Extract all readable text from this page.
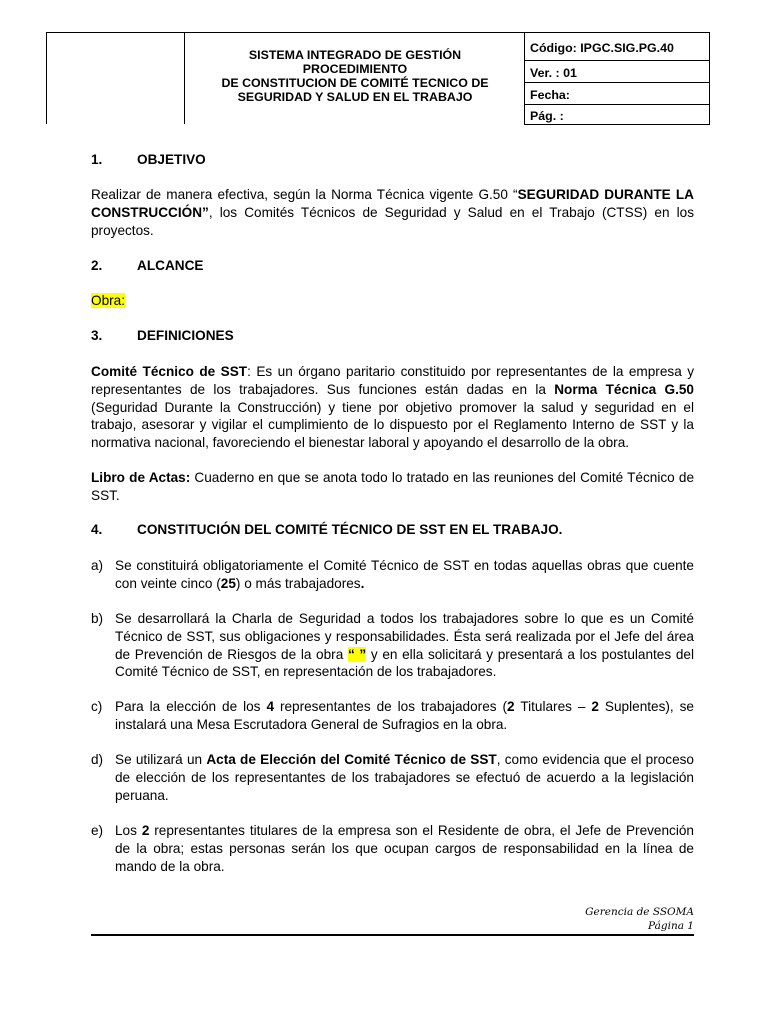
SISTEMA INTEGRADO DE GESTIÓN
PROCEDIMIENTO
DE CONSTITUCION DE COMITÉ TECNICO DE
SEGURIDAD Y SALUD EN EL TRABAJO
Código: IPGC.SIG.PG.40
Ver. : 01
Fecha:
Pág. :
1.	OBJETIVO
Realizar de manera efectiva, según la Norma Técnica vigente G.50 “SEGURIDAD DURANTE LA CONSTRUCCIÓN”, los Comités Técnicos de Seguridad y Salud en el Trabajo (CTSS) en los proyectos.
2.	ALCANCE
Obra:
3.	DEFINICIONES
Comité Técnico de SST: Es un órgano paritario constituido por representantes de la empresa y representantes de los trabajadores. Sus funciones están dadas en la Norma Técnica G.50 (Seguridad Durante la Construcción) y tiene por objetivo promover la salud y seguridad en el trabajo, asesorar y vigilar el cumplimiento de lo dispuesto por el Reglamento Interno de SST y la normativa nacional, favoreciendo el bienestar laboral y apoyando el desarrollo de la obra.
Libro de Actas: Cuaderno en que se anota todo lo tratado en las reuniones del Comité Técnico de SST.
4.	CONSTITUCIÓN DEL COMITÉ TÉCNICO DE SST EN EL TRABAJO.
a) Se constituirá obligatoriamente el Comité Técnico de SST en todas aquellas obras que cuente con veinte cinco (25) o más trabajadores.
b) Se desarrollará la Charla de Seguridad a todos los trabajadores sobre lo que es un Comité Técnico de SST, sus obligaciones y responsabilidades. Ésta será realizada por el Jefe del área de Prevención de Riesgos de la obra “ ” y en ella solicitará y presentará a los postulantes del Comité Técnico de SST, en representación de los trabajadores.
c) Para la elección de los 4 representantes de los trabajadores (2 Titulares – 2 Suplentes), se instalará una Mesa Escrutadora General de Sufragios en la obra.
d) Se utilizará un Acta de Elección del Comité Técnico de SST, como evidencia que el proceso de elección de los representantes de los trabajadores se efectuó de acuerdo a la legislación peruana.
e) Los 2 representantes titulares de la empresa son el Residente de obra, el Jefe de Prevención de la obra; estas personas serán los que ocupan cargos de responsabilidad en la línea de mando de la obra.
Gerencia de SSOMA
Página 1
